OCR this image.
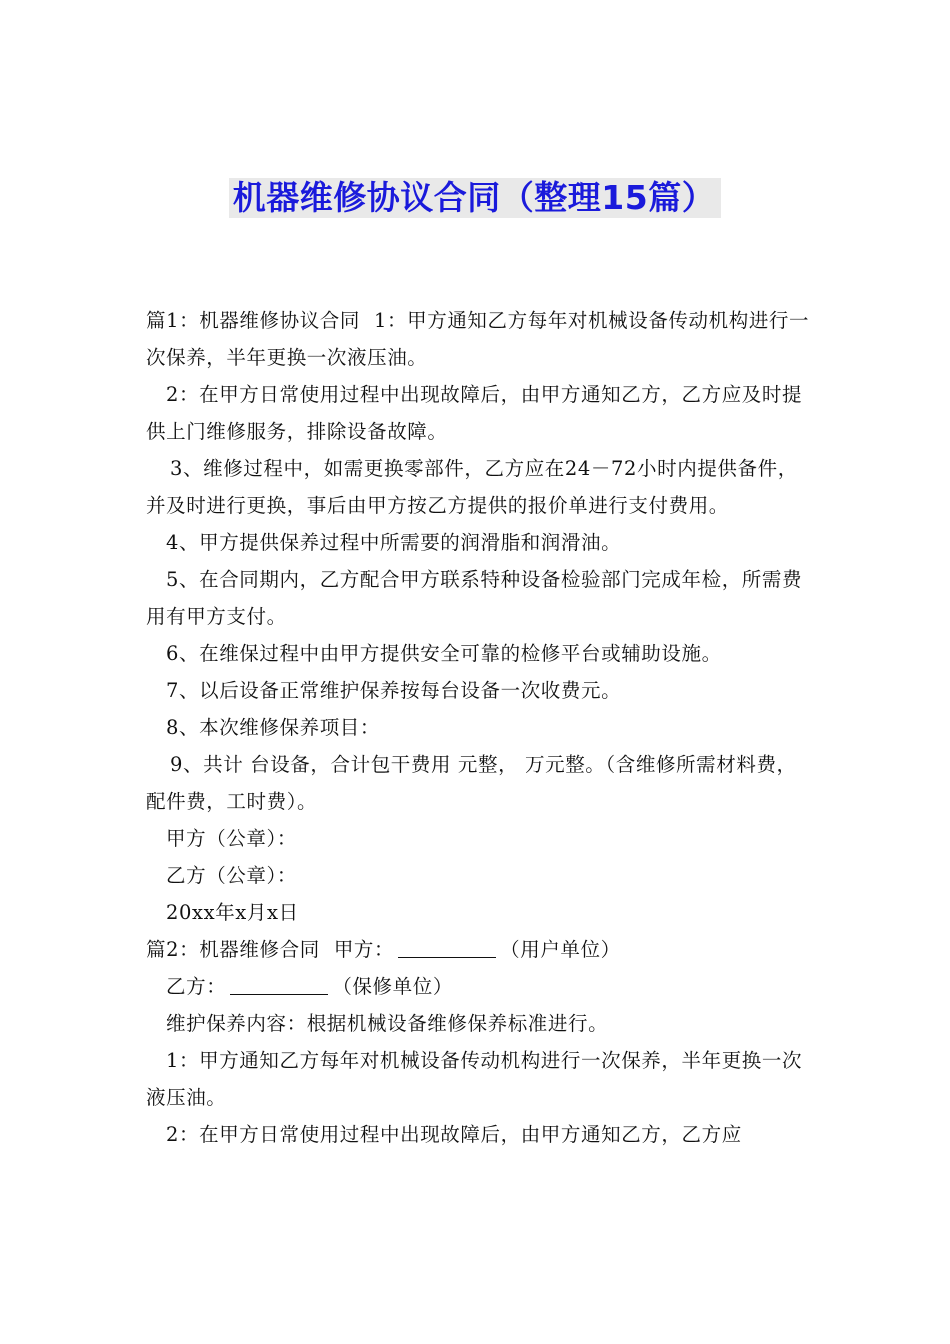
机器维修协议合同（整理15篇）

篇1：机器维修协议合同 1：甲方通知乙方每年对机械设备传动机构进行一次保养，半年更换一次液压油。

2：在甲方日常使用过程中出现故障后，由甲方通知乙方，乙方应及时提供上门维修服务，排除设备故障。

3、维修过程中，如需更换零部件，乙方应在24－72小时内提供备件，并及时进行更换，事后由甲方按乙方提供的报价单进行支付费用。

4、甲方提供保养过程中所需要的润滑脂和润滑油。

5、在合同期内，乙方配合甲方联系特种设备检验部门完成年检，所需费用有甲方支付。

6、在维保过程中由甲方提供安全可靠的检修平台或辅助设施。

7、以后设备正常维护保养按每台设备一次收费元。

8、本次维修保养项目：

9、共计 台设备，合计包干费用 元整， 万元整。（含维修所需材料费，配件费，工时费）。

甲方（公章）：

乙方（公章）：

20xx年x月x日

篇2：机器维修合同 甲方：	（用户单位）

乙方：	（保修单位）

维护保养内容：根据机械设备维修保养标准进行。

1：甲方通知乙方每年对机械设备传动机构进行一次保养，半年更换一次液压油。

2：在甲方日常使用过程中出现故障后，由甲方通知乙方，乙方应
